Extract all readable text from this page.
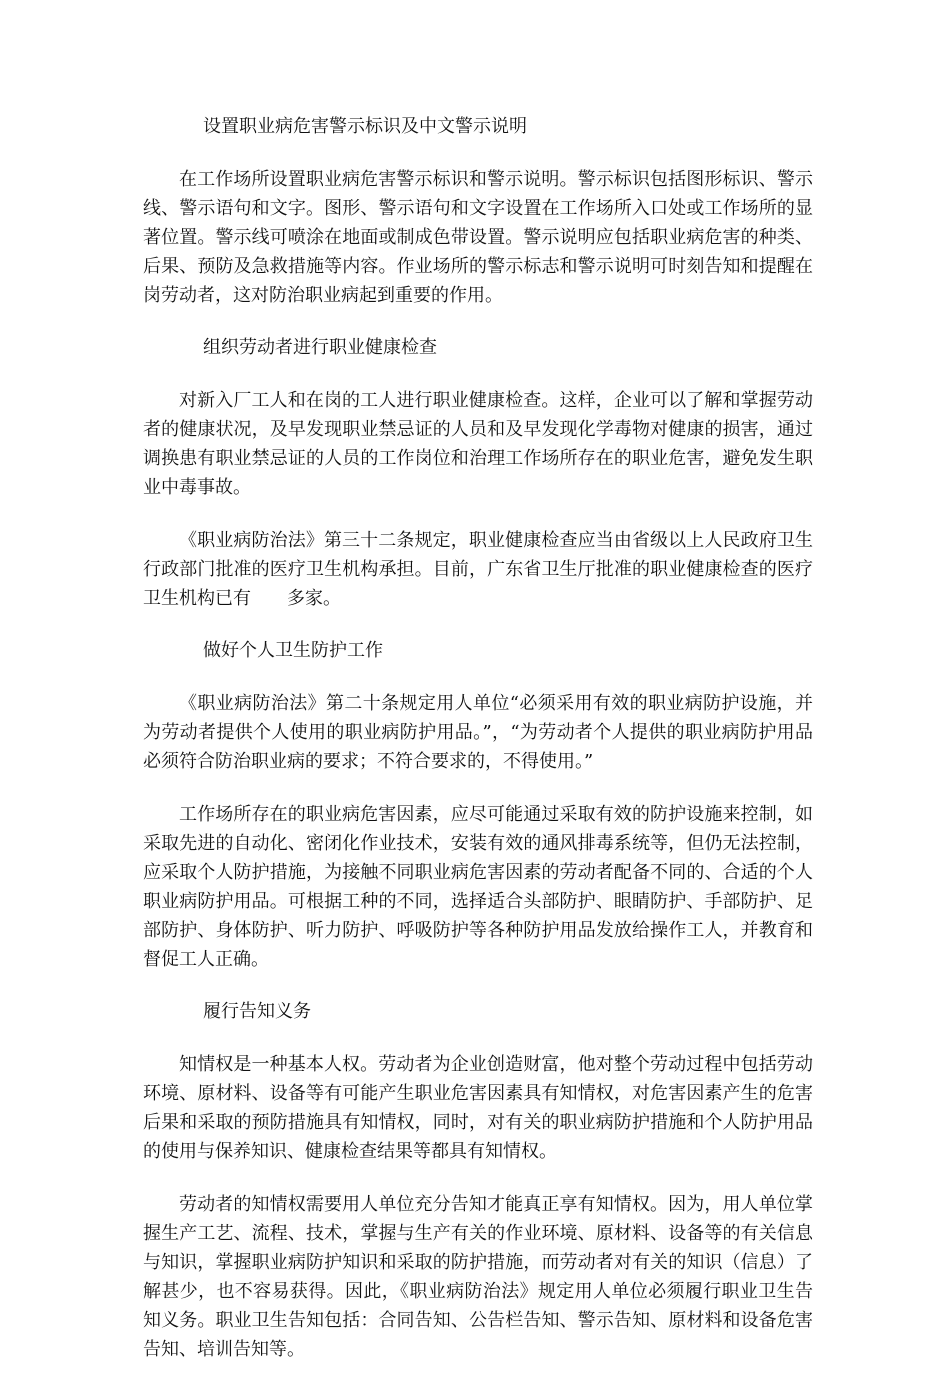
设置职业病危害警示标识及中文警示说明

在工作场所设置职业病危害警示标识和警示说明。警示标识包括图形标识、警示线、警示语句和文字。图形、警示语句和文字设置在工作场所入口处或工作场所的显著位置。警示线可喷涂在地面或制成色带设置。警示说明应包括职业病危害的种类、后果、预防及急救措施等内容。作业场所的警示标志和警示说明可时刻告知和提醒在岗劳动者，这对防治职业病起到重要的作用。

组织劳动者进行职业健康检查

对新入厂工人和在岗的工人进行职业健康检查。这样，企业可以了解和掌握劳动者的健康状况，及早发现职业禁忌证的人员和及早发现化学毒物对健康的损害，通过调换患有职业禁忌证的人员的工作岗位和治理工作场所存在的职业危害，避免发生职业中毒事故。

《职业病防治法》第三十二条规定，职业健康检查应当由省级以上人民政府卫生行政部门批准的医疗卫生机构承担。目前，广东省卫生厅批准的职业健康检查的医疗卫生机构已有　　多家。

做好个人卫生防护工作

《职业病防治法》第二十条规定用人单位“必须采用有效的职业病防护设施，并为劳动者提供个人使用的职业病防护用品。”，“为劳动者个人提供的职业病防护用品必须符合防治职业病的要求；不符合要求的，不得使用。”

工作场所存在的职业病危害因素，应尽可能通过采取有效的防护设施来控制，如采取先进的自动化、密闭化作业技术，安装有效的通风排毒系统等，但仍无法控制，应采取个人防护措施，为接触不同职业病危害因素的劳动者配备不同的、合适的个人职业病防护用品。可根据工种的不同，选择适合头部防护、眼睛防护、手部防护、足部防护、身体防护、听力防护、呼吸防护等各种防护用品发放给操作工人，并教育和督促工人正确。

履行告知义务

知情权是一种基本人权。劳动者为企业创造财富，他对整个劳动过程中包括劳动环境、原材料、设备等有可能产生职业危害因素具有知情权，对危害因素产生的危害后果和采取的预防措施具有知情权，同时，对有关的职业病防护措施和个人防护用品的使用与保养知识、健康检查结果等都具有知情权。

劳动者的知情权需要用人单位充分告知才能真正享有知情权。因为，用人单位掌握生产工艺、流程、技术，掌握与生产有关的作业环境、原材料、设备等的有关信息与知识，掌握职业病防护知识和采取的防护措施，而劳动者对有关的知识（信息）了解甚少，也不容易获得。因此，《职业病防治法》规定用人单位必须履行职业卫生告知义务。职业卫生告知包括：合同告知、公告栏告知、警示告知、原材料和设备危害告知、培训告知等。
